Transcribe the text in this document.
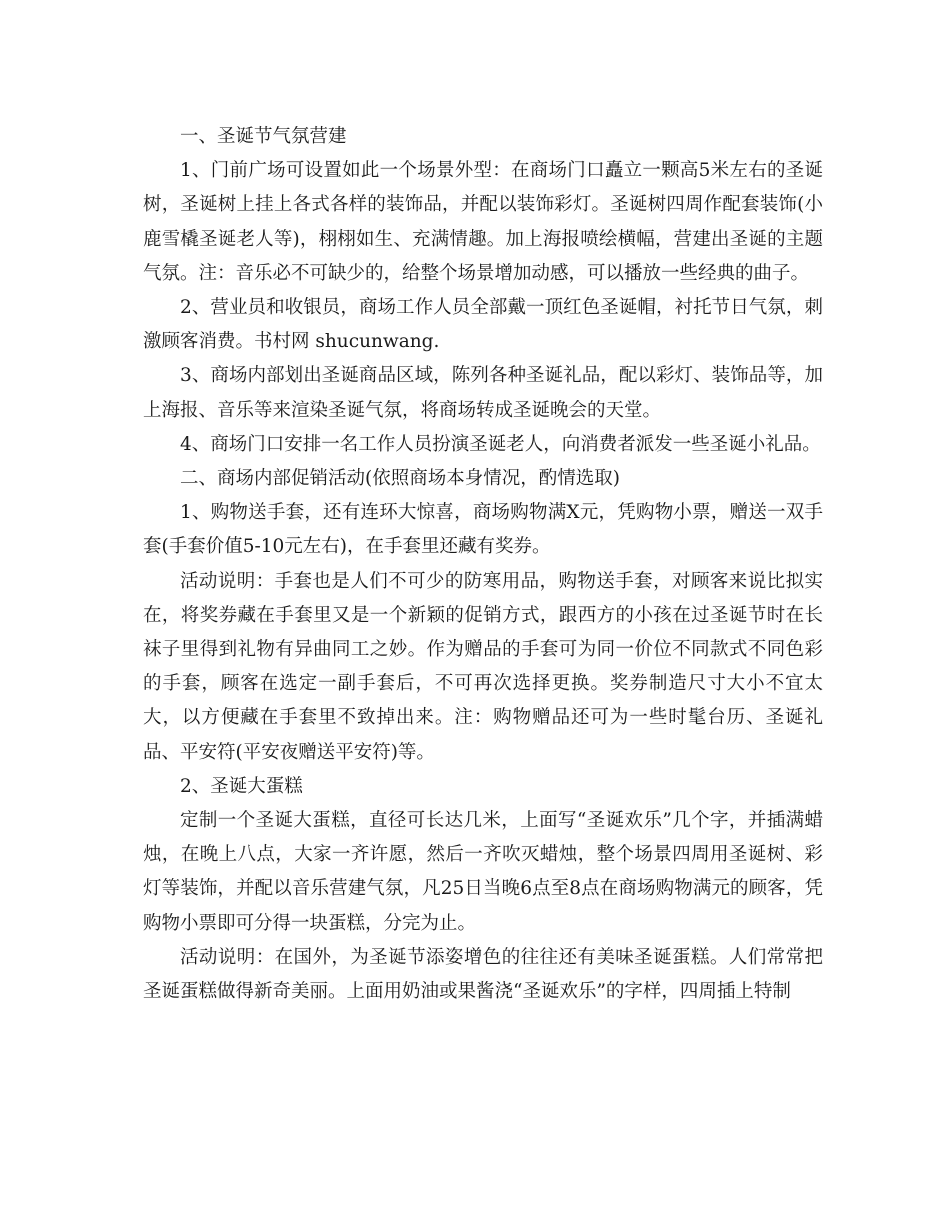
一、圣诞节气氛营建

1、门前广场可设置如此一个场景外型：在商场门口矗立一颗高5米左右的圣诞树，圣诞树上挂上各式各样的装饰品，并配以装饰彩灯。圣诞树四周作配套装饰(小鹿雪橇圣诞老人等)，栩栩如生、充满情趣。加上海报喷绘横幅，营建出圣诞的主题气氛。注：音乐必不可缺少的，给整个场景增加动感，可以播放一些经典的曲子。

2、营业员和收银员，商场工作人员全部戴一顶红色圣诞帽，衬托节日气氛，刺激顾客消费。书村网 shucunwang.

3、商场内部划出圣诞商品区域，陈列各种圣诞礼品，配以彩灯、装饰品等，加上海报、音乐等来渲染圣诞气氛，将商场转成圣诞晚会的天堂。

4、商场门口安排一名工作人员扮演圣诞老人，向消费者派发一些圣诞小礼品。

二、商场内部促销活动(依照商场本身情况，酌情选取)

1、购物送手套，还有连环大惊喜，商场购物满X元，凭购物小票，赠送一双手套(手套价值5-10元左右)，在手套里还藏有奖券。

活动说明：手套也是人们不可少的防寒用品，购物送手套，对顾客来说比拟实在，将奖券藏在手套里又是一个新颖的促销方式，跟西方的小孩在过圣诞节时在长袜子里得到礼物有异曲同工之妙。作为赠品的手套可为同一价位不同款式不同色彩的手套，顾客在选定一副手套后，不可再次选择更换。奖券制造尺寸大小不宜太大，以方便藏在手套里不致掉出来。注：购物赠品还可为一些时髦台历、圣诞礼品、平安符(平安夜赠送平安符)等。

2、圣诞大蛋糕

定制一个圣诞大蛋糕，直径可长达几米，上面写“圣诞欢乐”几个字，并插满蜡烛，在晚上八点，大家一齐许愿，然后一齐吹灭蜡烛，整个场景四周用圣诞树、彩灯等装饰，并配以音乐营建气氛，凡25日当晚6点至8点在商场购物满元的顾客，凭购物小票即可分得一块蛋糕，分完为止。

活动说明：在国外，为圣诞节添姿增色的往往还有美味圣诞蛋糕。人们常常把圣诞蛋糕做得新奇美丽。上面用奶油或果酱浇“圣诞欢乐”的字样，四周插上特制
